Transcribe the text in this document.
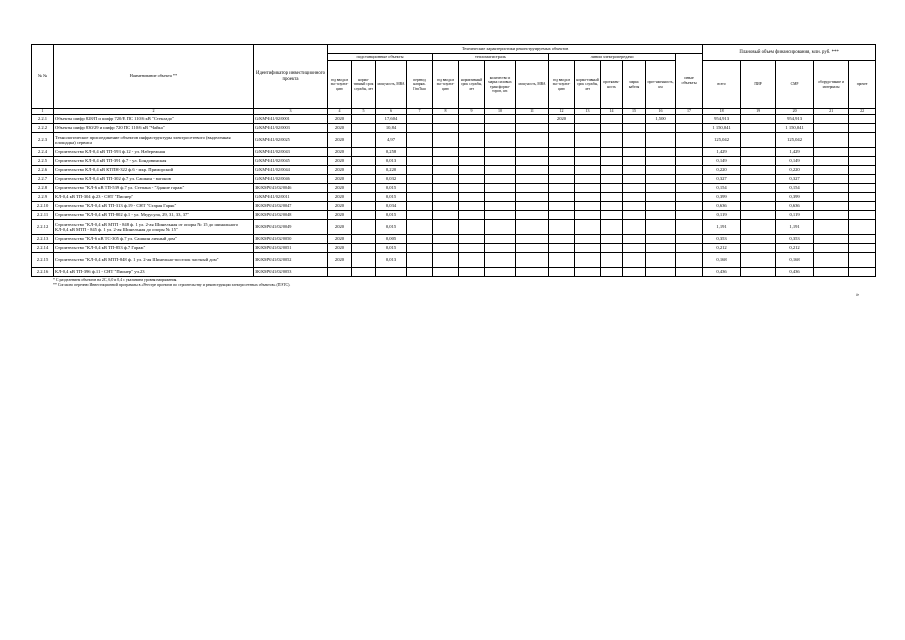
№ №	Наименование объекта **	Идентификатор инвестиционного проекта	Технические характеристики реконструируемых объектов														Плановый объем финансирования, млн. руб. ***				
			подстанционные объекты				тепломагистраль				линии электропередачи					иные объекты					
			год ввода в экс-плуата-цию	норма-тивный срок службы, лет	мощ-ность, МВА	перевод напряж. ГвпТкш	год ввода в экс-плуата-цию	нормативный срок службы, лет	количество и марка силовых трансформа-торов, шт.	мощ-ность, МВА	год ввода в экс-плуата-цию	норма-тивный срок службы, лет	протяжен-ность	марка кабеля	прот-яженность, км		всего	ПИР	СМР	оборудо-вание и материалы	прочее
1	2	3	4	5	6	7	8	9	10	11	12	13	14	15	16	17	18	19	20	21	22
2.2.1	Объекты шифр 828/П и шифр 720/Е ПС 110/6 кВ "Стекладо"	G/KMЧ/41/02/0001	2020		17,604						2020				1,500		954,913		954,913		
2.2.2	Объекты шифр 830/29 и шифр 720 ПС 110/6 кВ "Чайка"	G/KMЧ/41/02/0003	2020		10,84												1 150,041		1 150,041		
2.2.3	Технологическое присоединение объектов инфраструктуры электросетевого (выделенная площадка) сервиса	G/KMЧ/41/02/0025	2020		4,97												125,042		125,042		
2.2.4	Строительство КЛ-0,4 кВ ТП-593 ф.12 - ул. Набережная	G/KMЧ/41/02/0043	2020		0,258												1,429		1,429		
2.2.5	Строительство КЛ-0,4 кВ ТП-391 ф.7 - ул. Бондовинская	G/KMЧ/41/02/0045	2020		0,013												0,149		0,149		
2.2.6	Строительство КЛ-0,4 кВ КТПН-322 ф.6 - мкр. Приморский	G/KMЧ/41/02/0044	2020		0,220												0,220		0,220		
2.2.7	Строительство КЛ-0,4 кВ ТП-302 ф.7 ул. Сашкин - вагонов	G/KMЧ/41/02/0046	2020		0,032												0,327		0,327		
2.2.8	Строительство "КЛ-6 кВ ТП-539 ф.7 ул. Степана - "Здание гараж"	ЗК/КМЧ/41/02/0046	2020		0,015												0,154		0,154		
2.2.9	КЛ-0,4 кВ ТП-304 ф.23 - СНТ "Пионер"	G/KMЧ/41/02/0011	2020		0,015												0,399		0,399		
2.2.10	Строительство "КЛ-0,4 кВ ТП-313 ф.19 - СНТ "Старая Гаряк"	ЗК/КМЧ/41/02/0047	2020		0,034												0,636		0,636		
2.2.11	Строительство "КЛ-0,4 кВ ТП-802 ф.1 - ул. Медусула, 29, 31, 33, 37"	ЗК/КМЧ/41/02/0048	2020		0,015												0,119		0,119		
2.2.12	Строительство "КЛ-0,4 кВ МТП - 848 ф. 1 ул. 2-ая Шинельная от опоры № 15 до шинального КЛ-0,4 кВ МТП - 845 ф. 1 ул. 2-ая Шинельная до опоры № 15"	ЗК/КМЧ/41/02/0049	2020		0,015												1,191		1,191		
2.2.13	Строительство "КЛ-6 кВ ТС-305 ф.7 ул. Сашкин личный дом"	ЗК/КМЧ/41/02/0050	2020		0,005												0,353		0,353		
2.2.14	Строительство "КЛ-0,4 кВ ТП-853 ф.7 Гараж"	ЗК/КМЧ/41/02/0051	2020		0,015												0,212		0,212		
2.2.15	Строительство "КЛ-0,4 кВ МТП-848 ф. 1 ул. 2-ая Шинельно-поселок частный дом"	ЗК/КМЧ/41/02/0052	2020		0,013												0,168		0,168		
2.2.16	КЛ-0,4 кВ ТП-396 ф.11 - СНТ "Пионер" уч.23	ЗК/КМЧ/41/02/0053															0,436		0,436		
* С разделением объектов на 2С, 6,0 и 0,4 с указанием уровня напряжения.
** Согласно перечню Инвестиционной программы в «Реестре проектов по строительству и реконструкции электросетевых объектов» (ПЭТС).
»
